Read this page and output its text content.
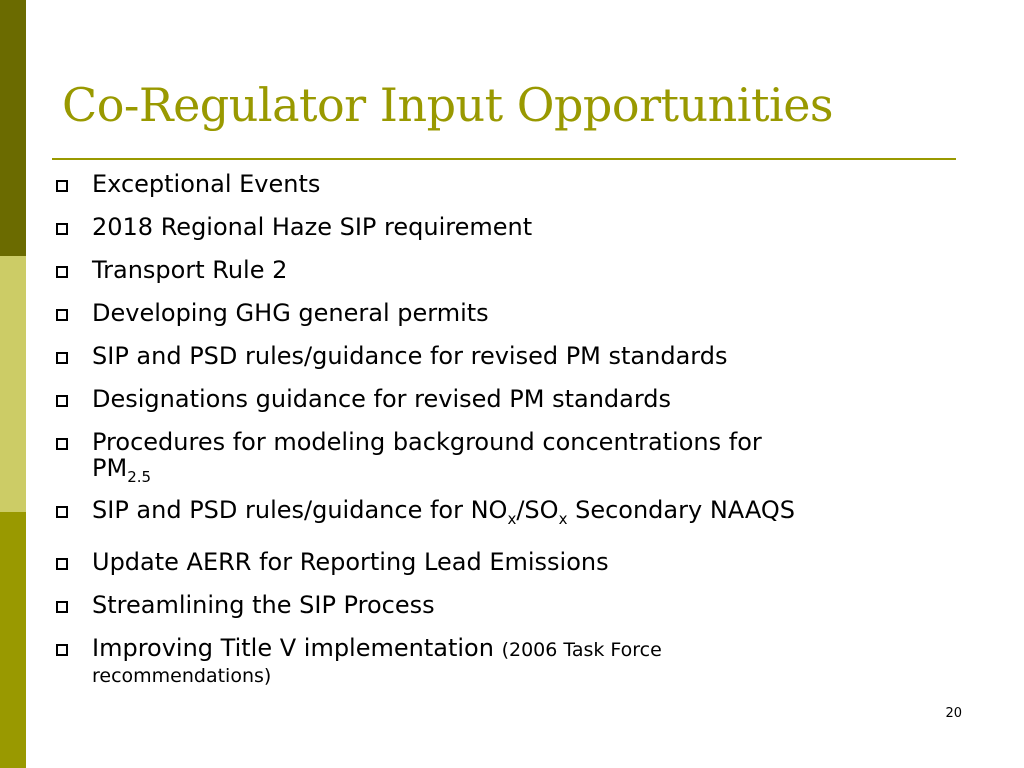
Co-Regulator Input Opportunities
Exceptional Events
2018 Regional Haze SIP requirement
Transport Rule 2
Developing GHG general permits
SIP and PSD rules/guidance for revised PM standards
Designations guidance for revised PM standards
Procedures for modeling background concentrations for
$PM_{2.5}$
SIP and PSD rules/guidance for $NO_x/SO_x$ Secondary NAAQS
Update AERR for Reporting Lead Emissions
Streamlining the SIP Process
Improving Title V implementation (2006 Task Force
recommendations)
20
